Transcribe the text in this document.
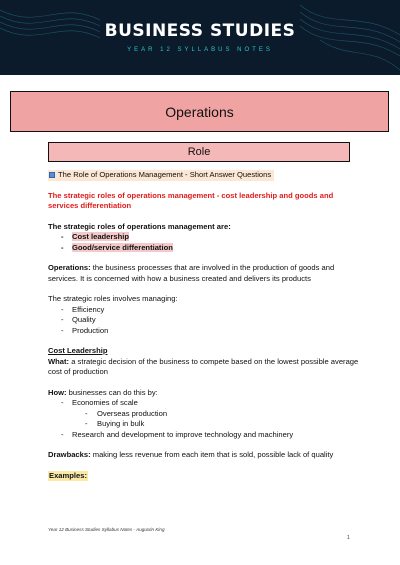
BUSINESS STUDIES
YEAR 12 SYLLABUS NOTES
Operations
Role
The Role of Operations Management - Short Answer Questions
The strategic roles of operations management - cost leadership and goods and services differentiation
The strategic roles of operations management are:
- Cost leadership
- Good/service differentiation
Operations: the business processes that are involved in the production of goods and services. It is concerned with how a business created and delivers its products
The strategic roles involves managing:
- Efficiency
- Quality
- Production
Cost Leadership
What: a strategic decision of the business to compete based on the lowest possible average cost of production
How: businesses can do this by:
- Economies of scale
- Overseas production
- Buying in bulk
- Research and development to improve technology and machinery
Drawbacks: making less revenue from each item that is sold, possible lack of quality
Examples:
Year 12 Business Studies Syllabus Notes - Augustin King
1
